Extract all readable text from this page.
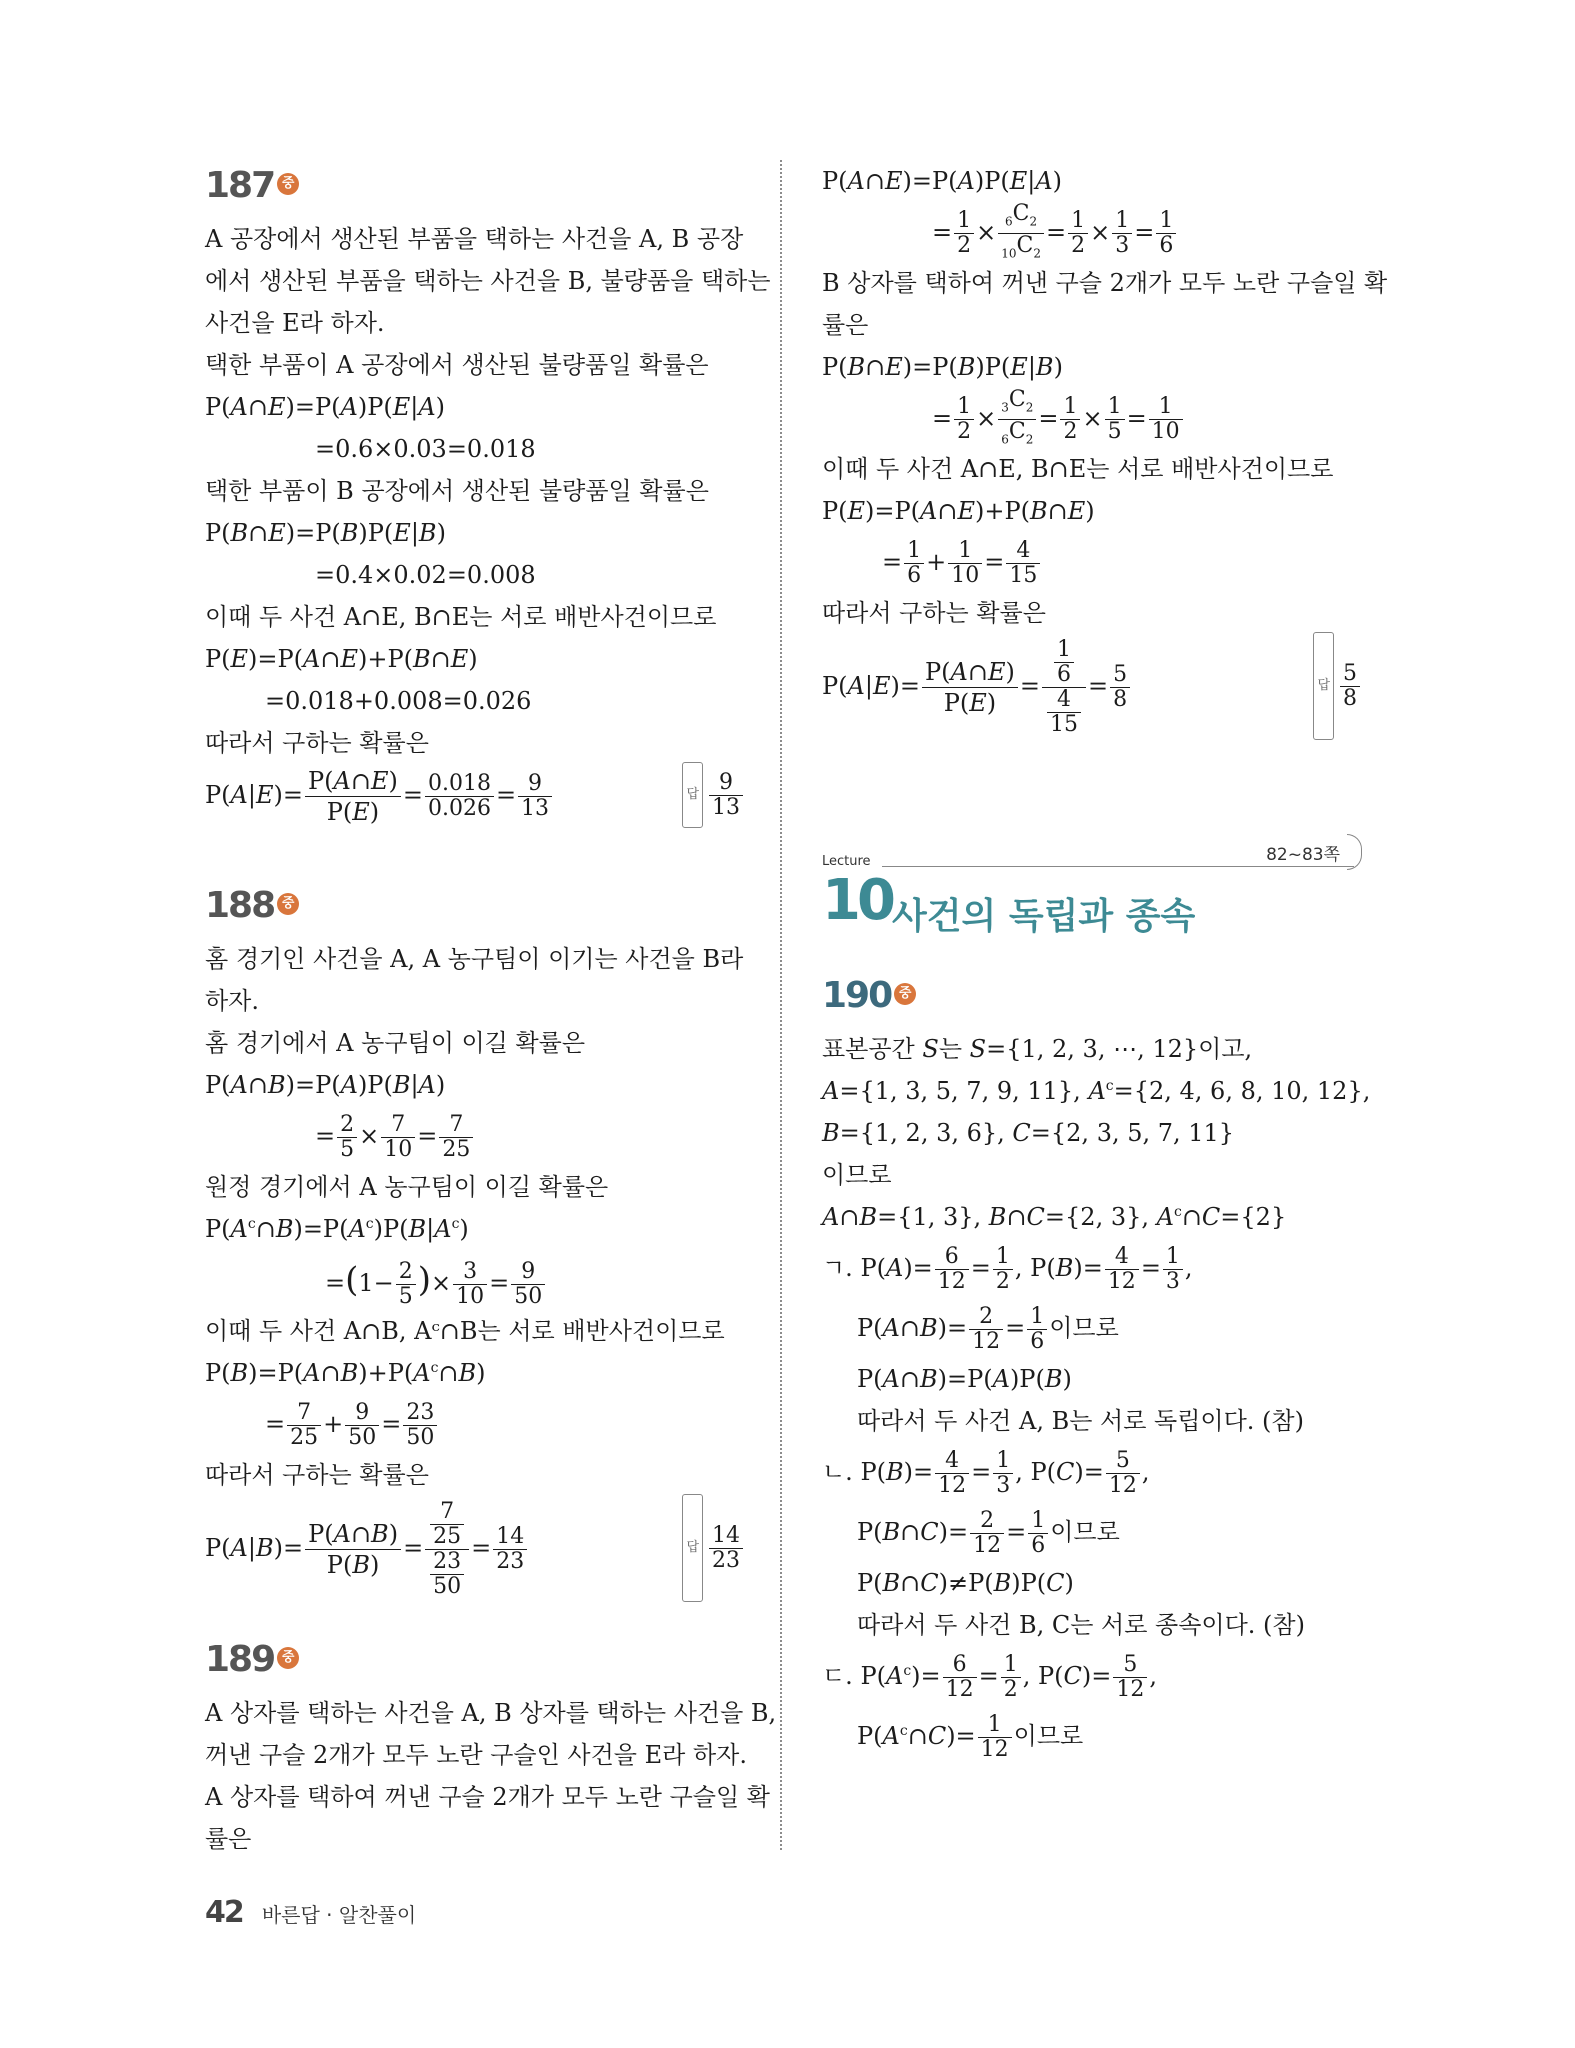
187 중
A 공장에서 생산된 부품을 택하는 사건을 A, B 공장
에서 생산된 부품을 택하는 사건을 B, 불량품을 택하는
사건을 E라 하자.
택한 부품이 A 공장에서 생산된 불량품일 확률은
P(A∩E)=P(A)P(E|A)
=0.6×0.03=0.018
택한 부품이 B 공장에서 생산된 불량품일 확률은
P(B∩E)=P(B)P(E|B)
=0.4×0.02=0.008
이때 두 사건 A∩E, B∩E는 서로 배반사건이므로
P(E)=P(A∩E)+P(B∩E)
=0.018+0.008=0.026
따라서 구하는 확률은
$P(A|E)= \frac{P(A\cap E)}{P(E)} = \frac{0.018}{0.026} = \frac{9}{13}$	답 $\frac{9}{13}$
188 중
홈 경기인 사건을 A, A 농구팀이 이기는 사건을 B라
하자.
홈 경기에서 A 농구팀이 이길 확률은
P(A∩B)=P(A)P(B|A)
= $\frac{2}{5} \times \frac{7}{10} = \frac{7}{25}$
원정 경기에서 A 농구팀이 이길 확률은
$P(A^c\cap B)=P(A^c)P(B|A^c)$
$=(1- \frac{2}{5}$ )× $\frac{3}{10} = \frac{9}{50}$
이때 두 사건 A∩B, Aᶜ∩B는 서로 배반사건이므로
$P(B)=P(A\cap B)+P(A^c\cap B)$
= $\frac{7}{25} + \frac{9}{50} = \frac{23}{50}$
따라서 구하는 확률은
$P(A|B)= \frac{P(A\cap B)}{P(B)} = \frac{\frac{7}{25}}{\frac{23}{50}} = \frac{14}{23}$	답 $\frac{14}{23}$
189 중
A 상자를 택하는 사건을 A, B 상자를 택하는 사건을 B,
꺼낸 구슬 2개가 모두 노란 구슬인 사건을 E라 하자.
A 상자를 택하여 꺼낸 구슬 2개가 모두 노란 구슬일 확
률은
P(A∩E)=P(A)P(E|A)
= $\frac{1}{2} \times \frac{_6C_2}{_{10}C_2} = \frac{1}{2} \times \frac{1}{3} = \frac{1}{6}$
B 상자를 택하여 꺼낸 구슬 2개가 모두 노란 구슬일 확
률은
P(B∩E)=P(B)P(E|B)
= $\frac{1}{2} \times \frac{_3C_2}{_6C_2} = \frac{1}{2} \times \frac{1}{5} = \frac{1}{10}$
이때 두 사건 A∩E, B∩E는 서로 배반사건이므로
P(E)=P(A∩E)+P(B∩E)
= $\frac{1}{6} + \frac{1}{10} = \frac{4}{15}$
따라서 구하는 확률은
$P(A|E)= \frac{P(A\cap E)}{P(E)} = \frac{\frac{1}{6}}{\frac{4}{15}} = \frac{5}{8}$	답 $\frac{5}{8}$
Lecture	82~83쪽
10 사건의 독립과 종속
190 중
표본공간 S는 S={1, 2, 3, ⋯, 12}이고,
A={1, 3, 5, 7, 9, 11}, $A^c=\{2$, 4, 6, 8, 10, 12},
B={1, 2, 3, 6}, C={2, 3, 5, 7, 11}
이므로
A∩B={1, 3}, B∩C={2, 3}, $A^c\cap C=\{2\}$
ㄱ. $P(A)= \frac{6}{12} = \frac{1}{2}$ , $P(B)= \frac{4}{12} = \frac{1}{3}$ ,
P(A∩B)= $\frac{2}{12} = \frac{1}{6}$ 이므로
P(A∩B)=P(A)P(B)
따라서 두 사건 A, B는 서로 독립이다. (참)
ㄴ. $P(B)= \frac{4}{12} = \frac{1}{3}$ , $P(C)= \frac{5}{12}$ ,
P(B∩C)= $\frac{2}{12} = \frac{1}{6}$ 이므로
P(B∩C)≠P(B)P(C)
따라서 두 사건 B, C는 서로 종속이다. (참)
ㄷ. $P(A^c)= \frac{6}{12} = \frac{1}{2}$ , $P(C)= \frac{5}{12}$ ,
$P(A^c\cap C)= \frac{1}{12}$ 이므로
42 바른답 · 알찬풀이
